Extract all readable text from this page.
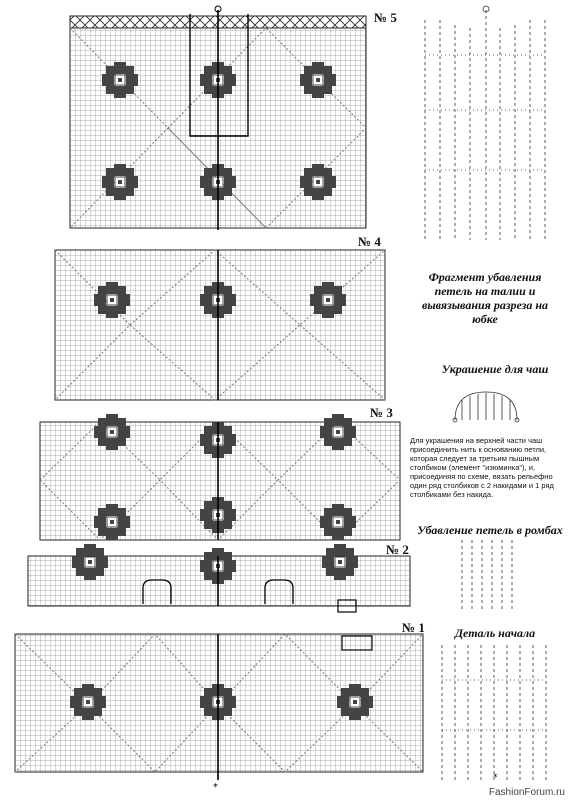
*
*
№ 5
№ 4
№ 3
№ 2
№ 1
Фрагмент убавления петель на талии и вывязывания разреза на юбке
Украшение для чаш
Для украшения на верхней части чаш присоединить нить к основанию петли, которая следует за третьим пышным столбиком (элемент "изюминка"), и, присоединяя по схеме, вязать рельефно один ряд столбиков с 2 накидами и 1 ряд столбиками без накида.
Убавление петель в ромбах
Деталь начала
FashionForum.ru
